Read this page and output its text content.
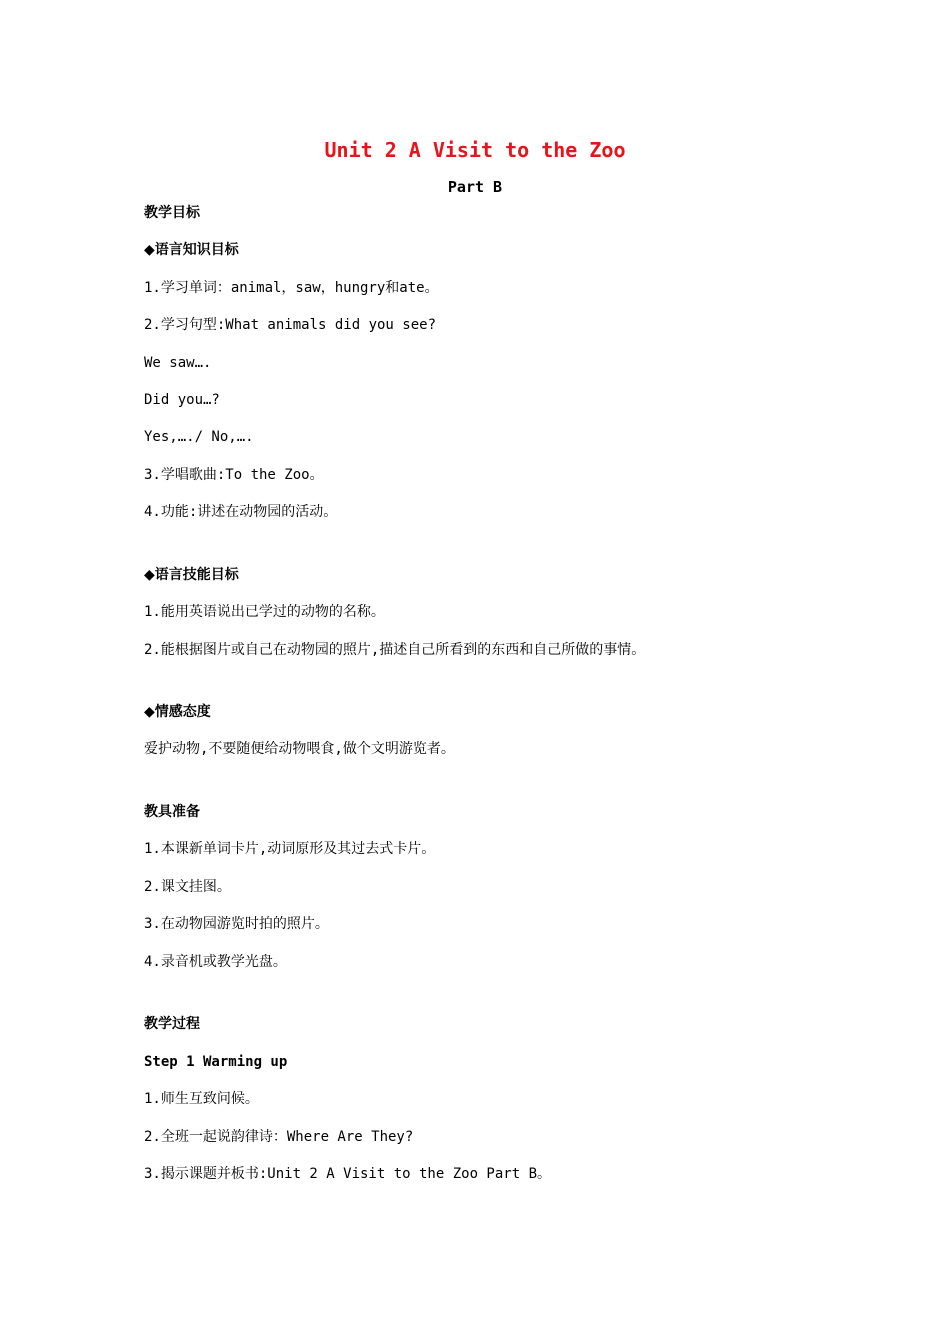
Unit 2 A Visit to the Zoo
Part B
教学目标
◆语言知识目标
1.学习单词：animal，saw，hungry和ate。
2.学习句型:What animals did you see?
We saw….
Did you…?
Yes,…./ No,….
3.学唱歌曲:To the Zoo。
4.功能:讲述在动物园的活动。
◆语言技能目标
1.能用英语说出已学过的动物的名称。
2.能根据图片或自己在动物园的照片,描述自己所看到的东西和自己所做的事情。
◆情感态度
爱护动物,不要随便给动物喂食,做个文明游览者。
教具准备
1.本课新单词卡片,动词原形及其过去式卡片。
2.课文挂图。
3.在动物园游览时拍的照片。
4.录音机或教学光盘。
教学过程
Step 1 Warming up
1.师生互致问候。
2.全班一起说韵律诗：Where Are They?
3.揭示课题并板书:Unit 2 A Visit to the Zoo Part B。
